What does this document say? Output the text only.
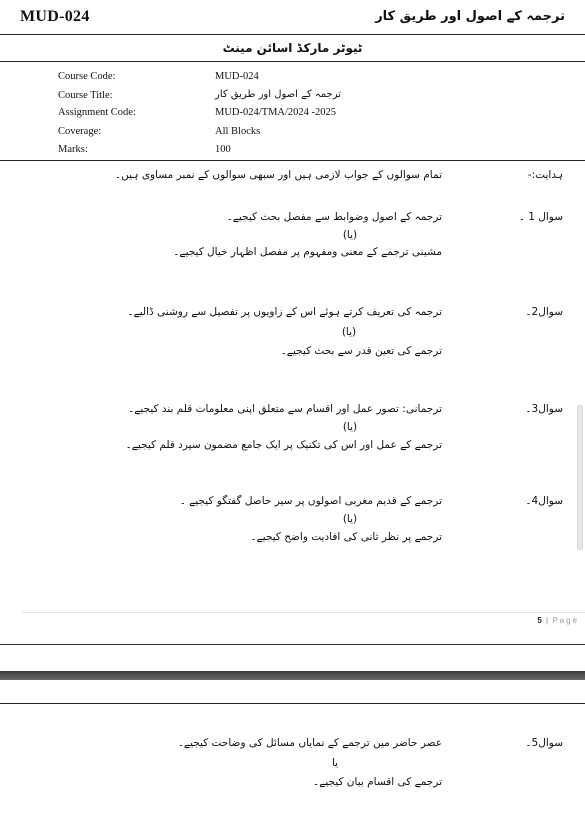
MUD-024	ترجمہ کے اصول اور طریق کار
ٹیوٹر مارکڈ اسائن مینٹ
Course Code:	MUD-024
Course Title:	ترجمہ کے اصول اور طریق کار
Assignment Code:	MUD-024/TMA/2024 -2025
Coverage:	All Blocks
Marks:	100
ہدایت:-
تمام سوالوں کے جواب لازمی ہیں اور سبھی سوالوں کے نمبر مساوی ہیں۔
سوال 1 ۔
ترجمہ کے اصول وضوابط سے مفصل بحث کیجیے۔
(یا)
مشینی ترجمے کے معنی ومفہوم پر مفصل اظہار خیال کیجیے۔
سوال2۔
ترجمہ کی تعریف کرتے ہوئے اس کے زاویوں پر تفصیل سے روشنی ڈالیے۔
(یا)
ترجمے کی تعین قدر سے بحث کیجیے۔
سوال3۔
ترجمانی: تصور عمل اور اقسام سے متعلق اپنی معلومات قلم بند کیجیے۔
(یا)
ترجمے کے عمل اور اس کی تکنیک پر ایک جامع مضمون سپرد قلم کیجیے۔
سوال4۔
ترجمے کے قدیم مغربی اصولوں پر سیر حاصل گفتگو کیجیے ۔
(یا)
ترجمے پر نظر ثانی کی افادیت واضح کیجیے۔
5 | Page
سوال5۔
عصر حاضر میں ترجمے کے نمایاں مسائل کی وضاحت کیجیے۔
یا
ترجمے کی اقسام بیان کیجیے۔
